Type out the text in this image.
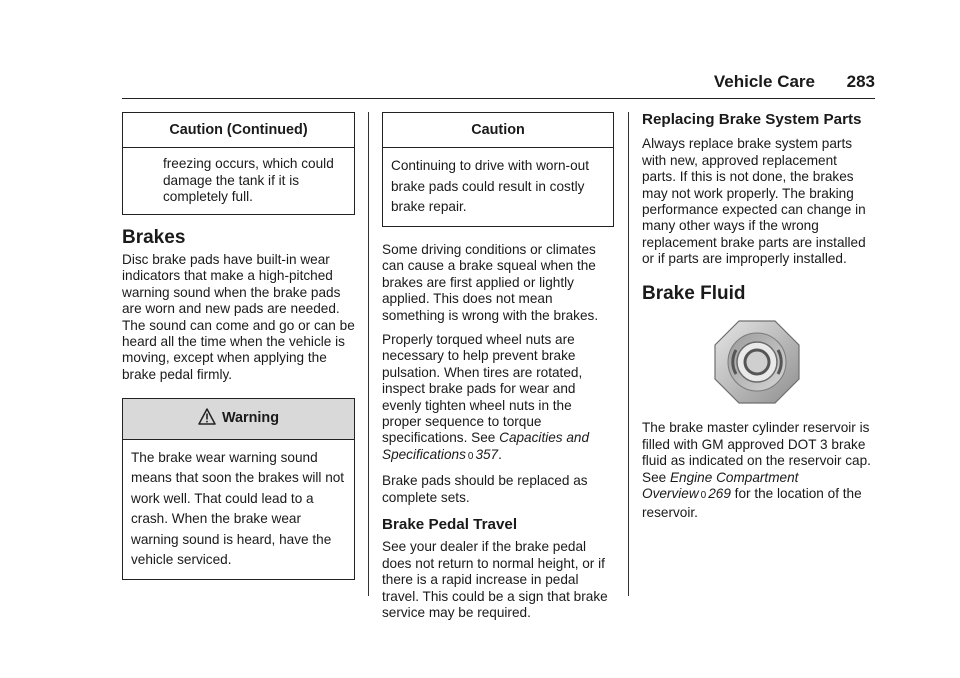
Vehicle Care 283
Caution (Continued)

freezing occurs, which could damage the tank if it is completely full.

Brakes

Disc brake pads have built-in wear indicators that make a high-pitched warning sound when the brake pads are worn and new pads are needed. The sound can come and go or can be heard all the time when the vehicle is moving, except when applying the brake pedal firmly.

Warning

The brake wear warning sound means that soon the brakes will not work well. That could lead to a crash. When the brake wear warning sound is heard, have the vehicle serviced.

Caution

Continuing to drive with worn-out brake pads could result in costly brake repair.

Some driving conditions or climates can cause a brake squeal when the brakes are first applied or lightly applied. This does not mean something is wrong with the brakes.

Properly torqued wheel nuts are necessary to help prevent brake pulsation. When tires are rotated, inspect brake pads for wear and evenly tighten wheel nuts in the proper sequence to torque specifications. See Capacities and Specifications 0 357.

Brake pads should be replaced as complete sets.

Brake Pedal Travel

See your dealer if the brake pedal does not return to normal height, or if there is a rapid increase in pedal travel. This could be a sign that brake service may be required.

Replacing Brake System Parts

Always replace brake system parts with new, approved replacement parts. If this is not done, the brakes may not work properly. The braking performance expected can change in many other ways if the wrong replacement brake parts are installed or if parts are improperly installed.

Brake Fluid

The brake master cylinder reservoir is filled with GM approved DOT 3 brake fluid as indicated on the reservoir cap. See Engine Compartment Overview 0 269 for the location of the reservoir.
